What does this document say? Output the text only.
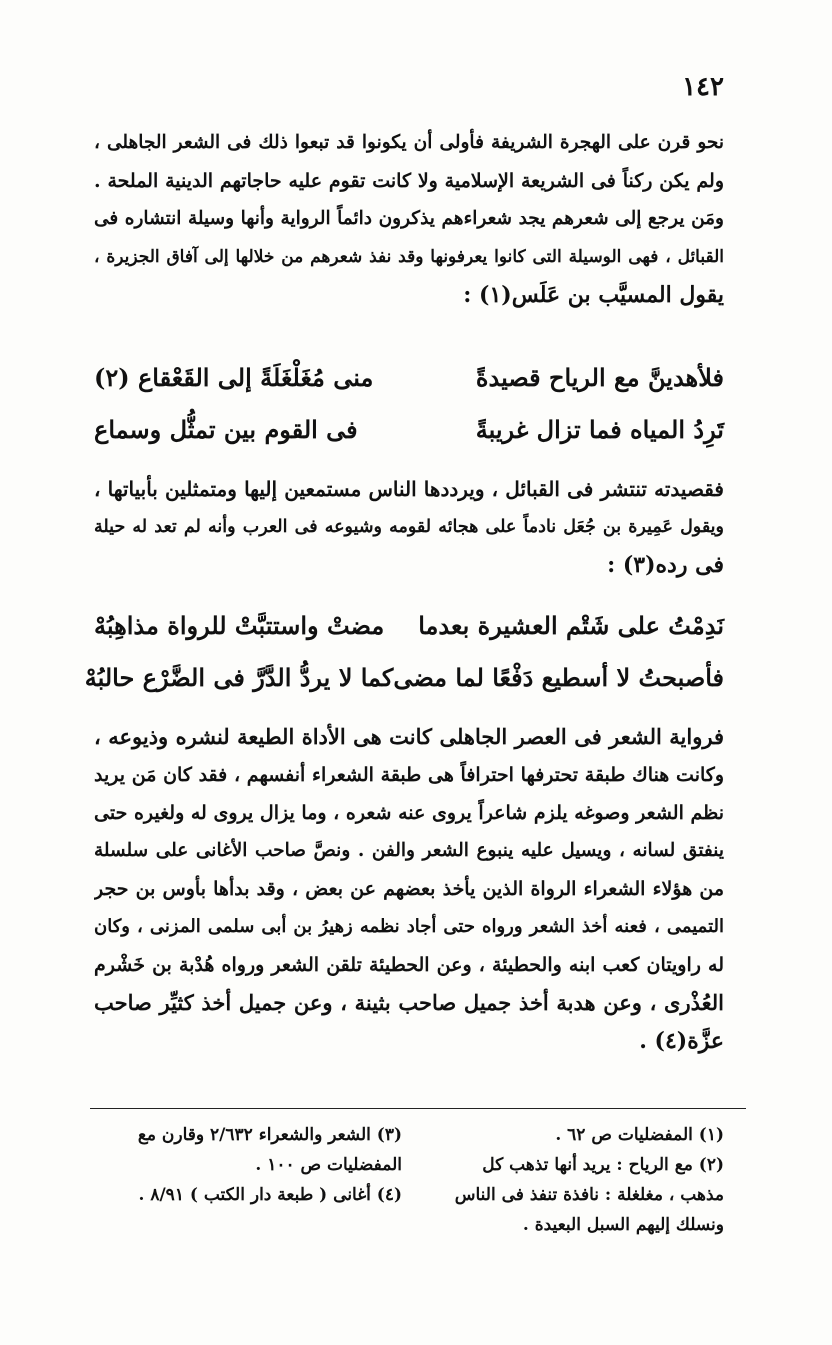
١٤٢
نحو قرن على الهجرة الشريفة فأولى أن يكونوا قد تبعوا ذلك فى الشعر الجاهلى ،
ولم يكن ركناً فى الشريعة الإسلامية ولا كانت تقوم عليه حاجاتهم الدينية الملحة .
ومَن يرجع إلى شعرهم يجد شعراءهم يذكرون دائماً الرواية وأنها وسيلة انتشاره فى
القبائل ، فهى الوسيلة التى كانوا يعرفونها وقد نفذ شعرهم من خلالها إلى آفاق الجزيرة ،
يقول المسيَّب بن عَلَس(١) :
فلأهدينَّ مع الرياح قصيدةً
منى مُغَلْغَلَةً إلى القَعْقاع (٢)
تَرِدُ المياه فما تزال غريبةً
فى القوم بين تمثُّل وسماع
فقصيدته تنتشر فى القبائل ، ويرددها الناس مستمعين إليها ومتمثلين بأبياتها ،
ويقول عَمِيرة بن جُعَل نادماً على هجائه لقومه وشيوعه فى العرب وأنه لم تعد له حيلة
فى رده(٣) :
نَدِمْتُ على شَتْم العشيرة بعدما
مضتْ واستتبَّتْ للرواة مذاهِبُهْ
فأصبحتُ لا أسطيع دَفْعًا لما مضى
كما لا يردُّ الدَّرَّ فى الضَّرْع حالبُهْ
فرواية الشعر فى العصر الجاهلى كانت هى الأداة الطيعة لنشره وذيوعه ،
وكانت هناك طبقة تحترفها احترافاً هى طبقة الشعراء أنفسهم ، فقد كان مَن يريد
نظم الشعر وصوغه يلزم شاعراً يروى عنه شعره ، وما يزال يروى له ولغيره حتى
ينفتق لسانه ، ويسيل عليه ينبوع الشعر والفن . ونصَّ صاحب الأغانى على سلسلة
من هؤلاء الشعراء الرواة الذين يأخذ بعضهم عن بعض ، وقد بدأها بأوس بن حجر
التميمى ، فعنه أخذ الشعر ورواه حتى أجاد نظمه زهيرُ بن أبى سلمى المزنى ، وكان
له راويتان كعب ابنه والحطيئة ، وعن الحطيئة تلقن الشعر ورواه هُدْبة بن خَشْرم
العُذْرى ، وعن هدبة أخذ جميل صاحب بثينة ، وعن جميل أخذ كثيِّر صاحب
عزَّة(٤) .
(١) المفضليات ص ٦٢ .
(٢) مع الرياح : يريد أنها تذهب كل
مذهب ، مغلغلة : نافذة تنفذ فى الناس
ونسلك إليهم السبل البعيدة .
(٣) الشعر والشعراء ٢/٦٣٢ وقارن مع
المفضليات ص ١٠٠ .
(٤) أغانى ( طبعة دار الكتب ) ٨/٩١ .
